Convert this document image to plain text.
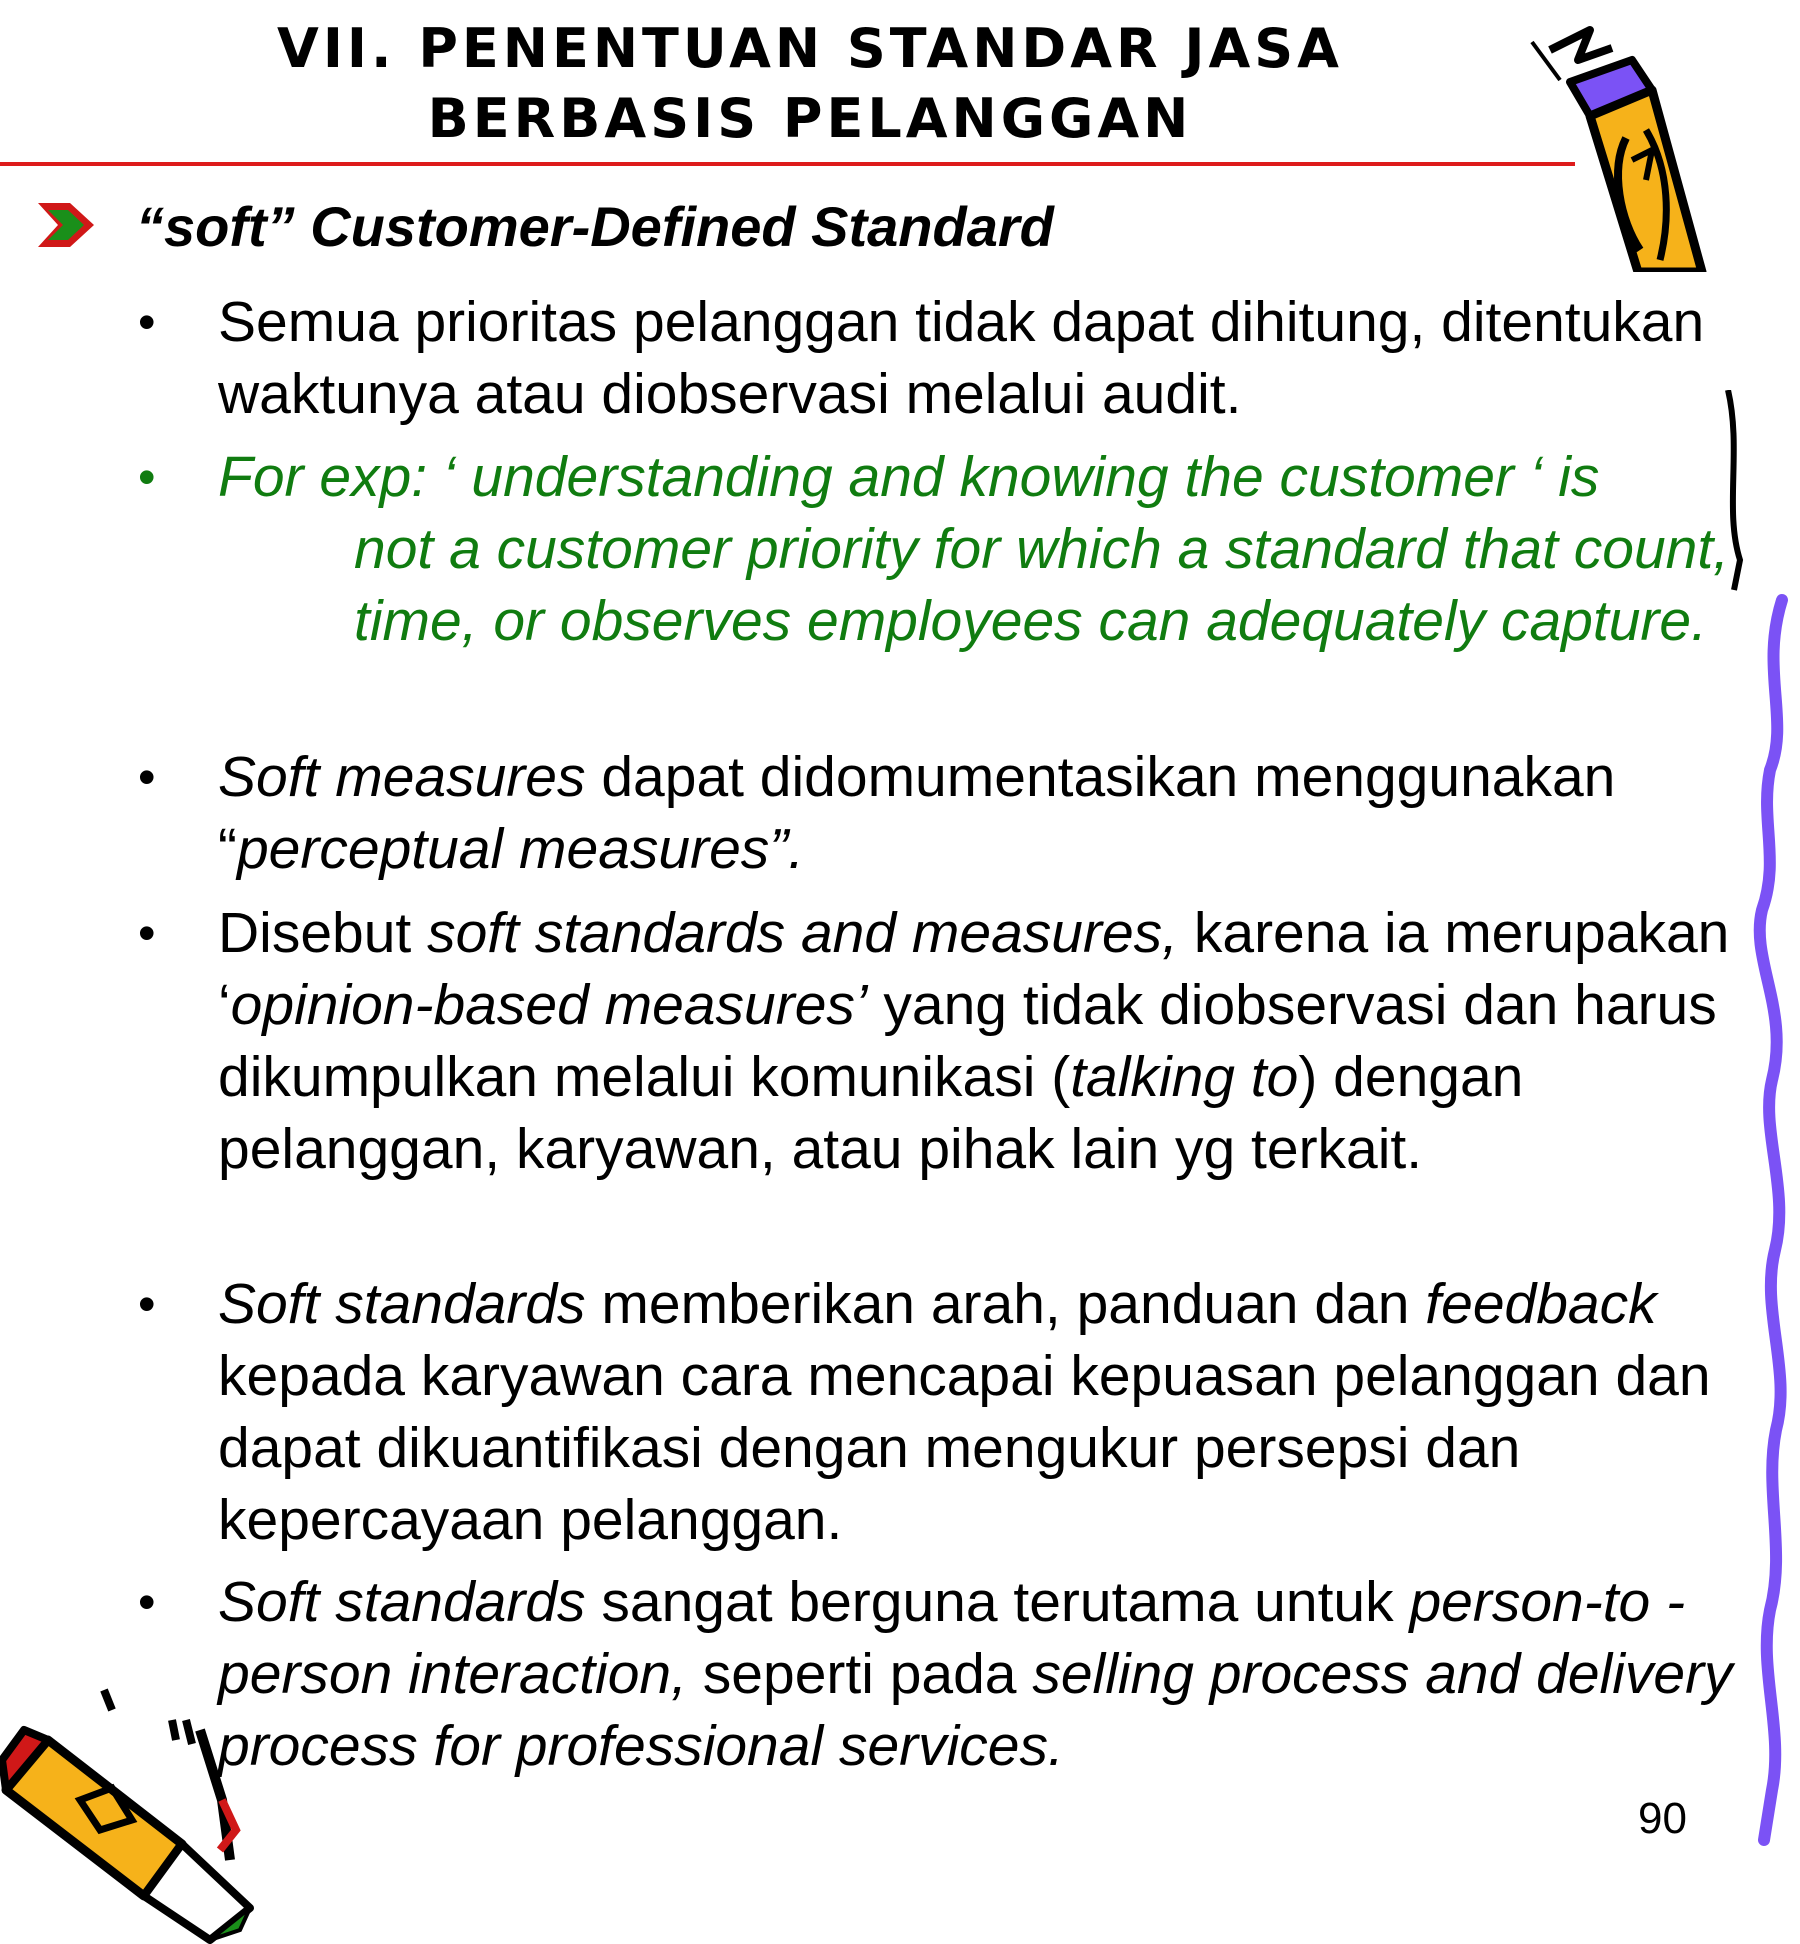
VII. PENENTUAN STANDAR JASA
BERBASIS PELANGGAN
“soft” Customer-Defined Standard
• Semua prioritas pelanggan tidak dapat dihitung, ditentukan waktunya atau diobservasi melalui audit.
• For exp: ‘ understanding and knowing the customer ‘ is
not a customer priority for which a standard that count, time, or observes employees can adequately capture.
• Soft measures dapat didomumentasikan menggunakan “perceptual measures”.
• Disebut soft standards and measures, karena ia merupakan ‘opinion-based measures’ yang tidak diobservasi dan harus dikumpulkan melalui komunikasi (talking to) dengan pelanggan, karyawan, atau pihak lain yg terkait.
• Soft standards memberikan arah, panduan dan feedback kepada karyawan cara mencapai kepuasan pelanggan dan dapat dikuantifikasi dengan mengukur persepsi dan kepercayaan pelanggan.
• Soft standards sangat berguna terutama untuk person-to -person interaction, seperti pada selling process and delivery process for professional services.
90
